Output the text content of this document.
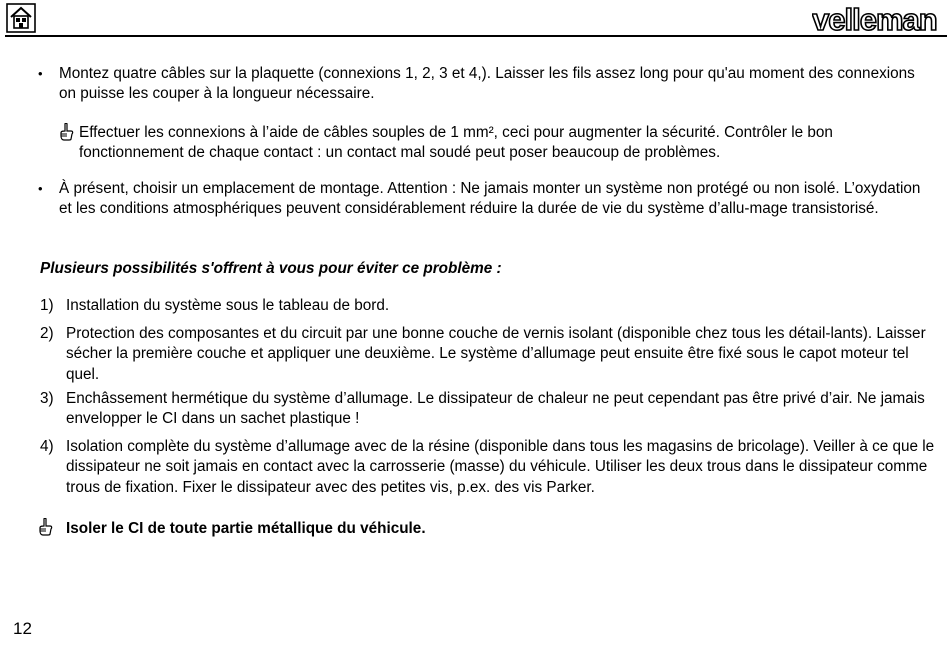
velleman
• Montez quatre câbles sur la plaquette (connexions 1, 2, 3 et 4,). Laisser les fils assez long pour qu'au moment des connexions on puisse les couper à la longueur nécessaire.
Effectuer les connexions à l’aide de câbles souples de 1 mm², ceci pour augmenter la sécurité. Contrôler le bon fonctionnement de chaque contact : un contact mal soudé peut poser beaucoup de problèmes.
• À présent, choisir un emplacement de montage. Attention : Ne jamais monter un système non protégé ou non isolé. L’oxydation et les conditions atmosphériques peuvent considérablement réduire la durée de vie du système d’allu-mage transistorisé.
Plusieurs possibilités s'offrent à vous pour éviter ce problème :
1) Installation du système sous le tableau de bord.
2) Protection des composantes et du circuit par une bonne couche de vernis isolant (disponible chez tous les détail-lants). Laisser sécher la première couche et appliquer une deuxième. Le système d’allumage peut ensuite être fixé sous le capot moteur tel quel.
3) Enchâssement hermétique du système d’allumage. Le dissipateur de chaleur ne peut cependant pas être privé d’air. Ne jamais envelopper le CI dans un sachet plastique !
4) Isolation complète du système d’allumage avec de la résine (disponible dans tous les magasins de bricolage). Veiller à ce que le dissipateur ne soit jamais en contact avec la carrosserie (masse) du véhicule. Utiliser les deux trous dans le dissipateur comme trous de fixation. Fixer le dissipateur avec des petites vis, p.ex. des vis Parker.
Isoler le CI de toute partie métallique du véhicule.
12
